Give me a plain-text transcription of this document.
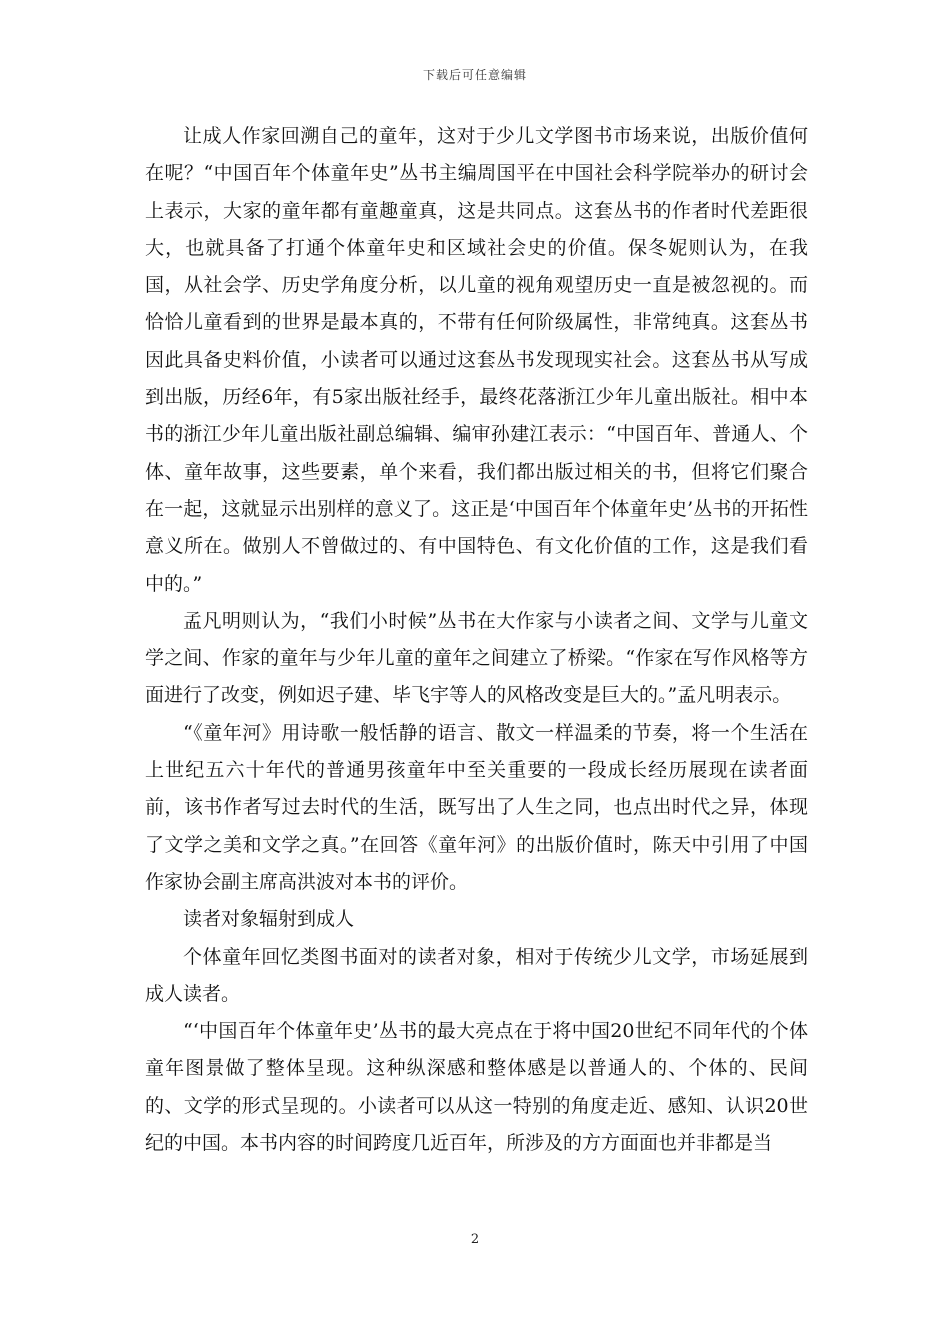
下载后可任意编辑

让成人作家回溯自己的童年，这对于少儿文学图书市场来说，出版价值何在呢？“中国百年个体童年史”丛书主编周国平在中国社会科学院举办的研讨会上表示，大家的童年都有童趣童真，这是共同点。这套丛书的作者时代差距很大，也就具备了打通个体童年史和区域社会史的价值。保冬妮则认为，在我国，从社会学、历史学角度分析，以儿童的视角观望历史一直是被忽视的。而恰恰儿童看到的世界是最本真的，不带有任何阶级属性，非常纯真。这套丛书因此具备史料价值，小读者可以通过这套丛书发现现实社会。这套丛书从写成到出版，历经6年，有5家出版社经手，最终花落浙江少年儿童出版社。相中本书的浙江少年儿童出版社副总编辑、编审孙建江表示：“中国百年、普通人、个体、童年故事，这些要素，单个来看，我们都出版过相关的书，但将它们聚合在一起，这就显示出别样的意义了。这正是‘中国百年个体童年史’丛书的开拓性意义所在。做别人不曾做过的、有中国特色、有文化价值的工作，这是我们看中的。”

孟凡明则认为，“我们小时候”丛书在大作家与小读者之间、文学与儿童文学之间、作家的童年与少年儿童的童年之间建立了桥梁。“作家在写作风格等方面进行了改变，例如迟子建、毕飞宇等人的风格改变是巨大的。”孟凡明表示。

“《童年河》用诗歌一般恬静的语言、散文一样温柔的节奏，将一个生活在上世纪五六十年代的普通男孩童年中至关重要的一段成长经历展现在读者面前，该书作者写过去时代的生活，既写出了人生之同，也点出时代之异，体现了文学之美和文学之真。”在回答《童年河》的出版价值时，陈天中引用了中国作家协会副主席高洪波对本书的评价。

读者对象辐射到成人

个体童年回忆类图书面对的读者对象，相对于传统少儿文学，市场延展到成人读者。

“‘中国百年个体童年史’丛书的最大亮点在于将中国20世纪不同年代的个体童年图景做了整体呈现。这种纵深感和整体感是以普通人的、个体的、民间的、文学的形式呈现的。小读者可以从这一特别的角度走近、感知、认识20世纪的中国。本书内容的时间跨度几近百年，所涉及的方方面面也并非都是当

2
